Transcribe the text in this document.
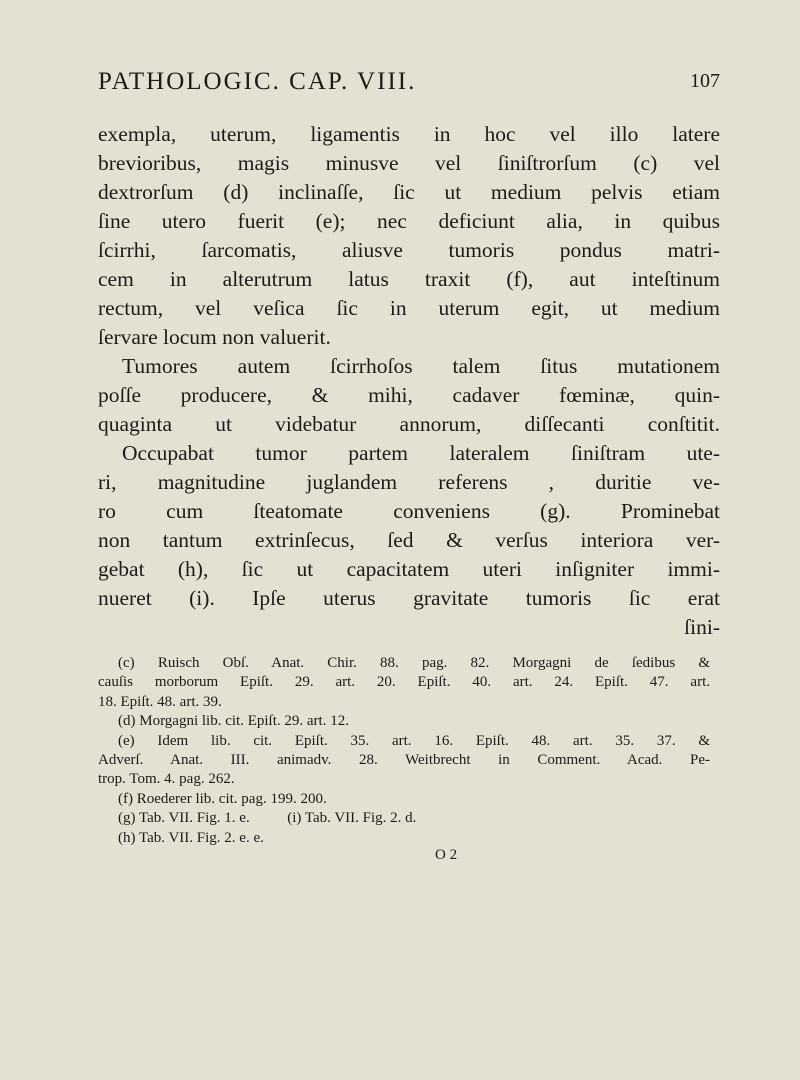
PATHOLOGIC. CAP. VIII.	107
exempla, uterum, ligamentis in hoc vel illo latere
brevioribus, magis minusve vel ſiniſtrorſum (c) vel
dextrorſum (d) inclinaſſe, ſic ut medium pelvis etiam
ſine utero fuerit (e); nec deficiunt alia, in quibus
ſcirrhi, ſarcomatis, aliusve tumoris pondus matri-
cem in alterutrum latus traxit (f), aut inteſtinum
rectum, vel veſica ſic in uterum egit, ut medium
ſervare locum non valuerit.
Tumores autem ſcirrhoſos talem ſitus mutationem
poſſe producere, & mihi, cadaver fœminæ, quin-
quaginta ut videbatur annorum, diſſecanti conſtitit.
Occupabat tumor partem lateralem ſiniſtram ute-
ri, magnitudine juglandem referens , duritie ve-
ro cum ſteatomate conveniens (g). Prominebat
non tantum extrinſecus, ſed & verſus interiora ver-
gebat (h), ſic ut capacitatem uteri inſigniter immi-
nueret (i). Ipſe uterus gravitate tumoris ſic erat
ſini-
(c) Ruisch Obſ. Anat. Chir. 88. pag. 82. Morgagni de ſedibus &
cauſis morborum Epiſt. 29. art. 20. Epiſt. 40. art. 24. Epiſt. 47. art.
18. Epiſt. 48. art. 39.
(d) Morgagni lib. cit. Epiſt. 29. art. 12.
(e) Idem lib. cit. Epiſt. 35. art. 16. Epiſt. 48. art. 35. 37. &
Adverſ. Anat. III. animadv. 28. Weitbrecht in Comment. Acad. Pe-
trop. Tom. 4. pag. 262.
(f) Roederer lib. cit. pag. 199. 200.
(g) Tab. VII. Fig. 1. e.          (i) Tab. VII. Fig. 2. d.
(h) Tab. VII. Fig. 2. e. e.
O 2
